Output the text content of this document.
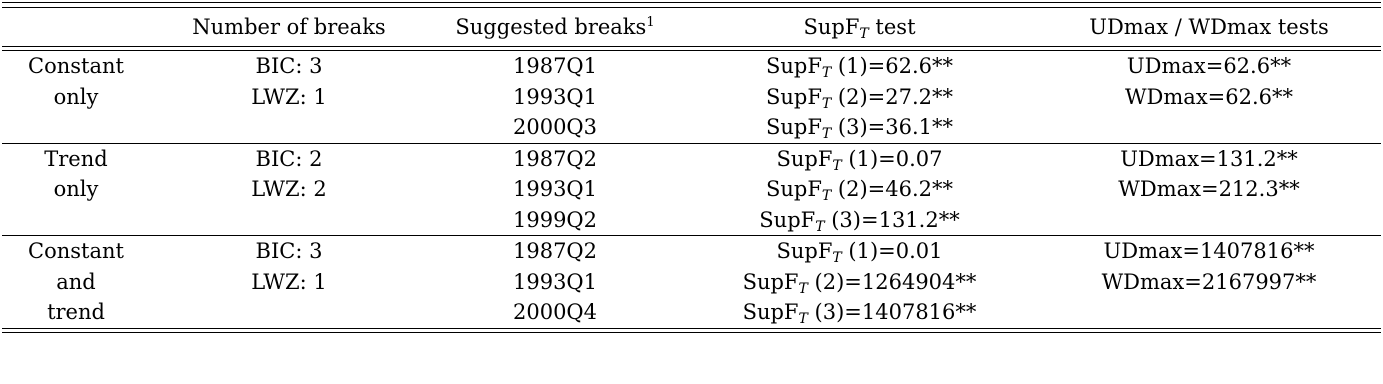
	Number of breaks	Suggested breaks$^1$	SupF$_T$ test	UDmax / WDmax tests

Constant	BIC: 3	1987Q1	SupF$_T$ (1)=62.6**	UDmax=62.6**
only	LWZ: 1	1993Q1	SupF$_T$ (2)=27.2**	WDmax=62.6**
		2000Q3	SupF$_T$ (3)=36.1**	
Trend	BIC: 2	1987Q2	SupF$_T$ (1)=0.07	UDmax=131.2**
only	LWZ: 2	1993Q1	SupF$_T$ (2)=46.2**	WDmax=212.3**
		1999Q2	SupF$_T$ (3)=131.2**	
Constant	BIC: 3	1987Q2	SupF$_T$ (1)=0.01	UDmax=1407816**
and	LWZ: 1	1993Q1	SupF$_T$ (2)=1264904**	WDmax=2167997**
trend		2000Q4	SupF$_T$ (3)=1407816**	
